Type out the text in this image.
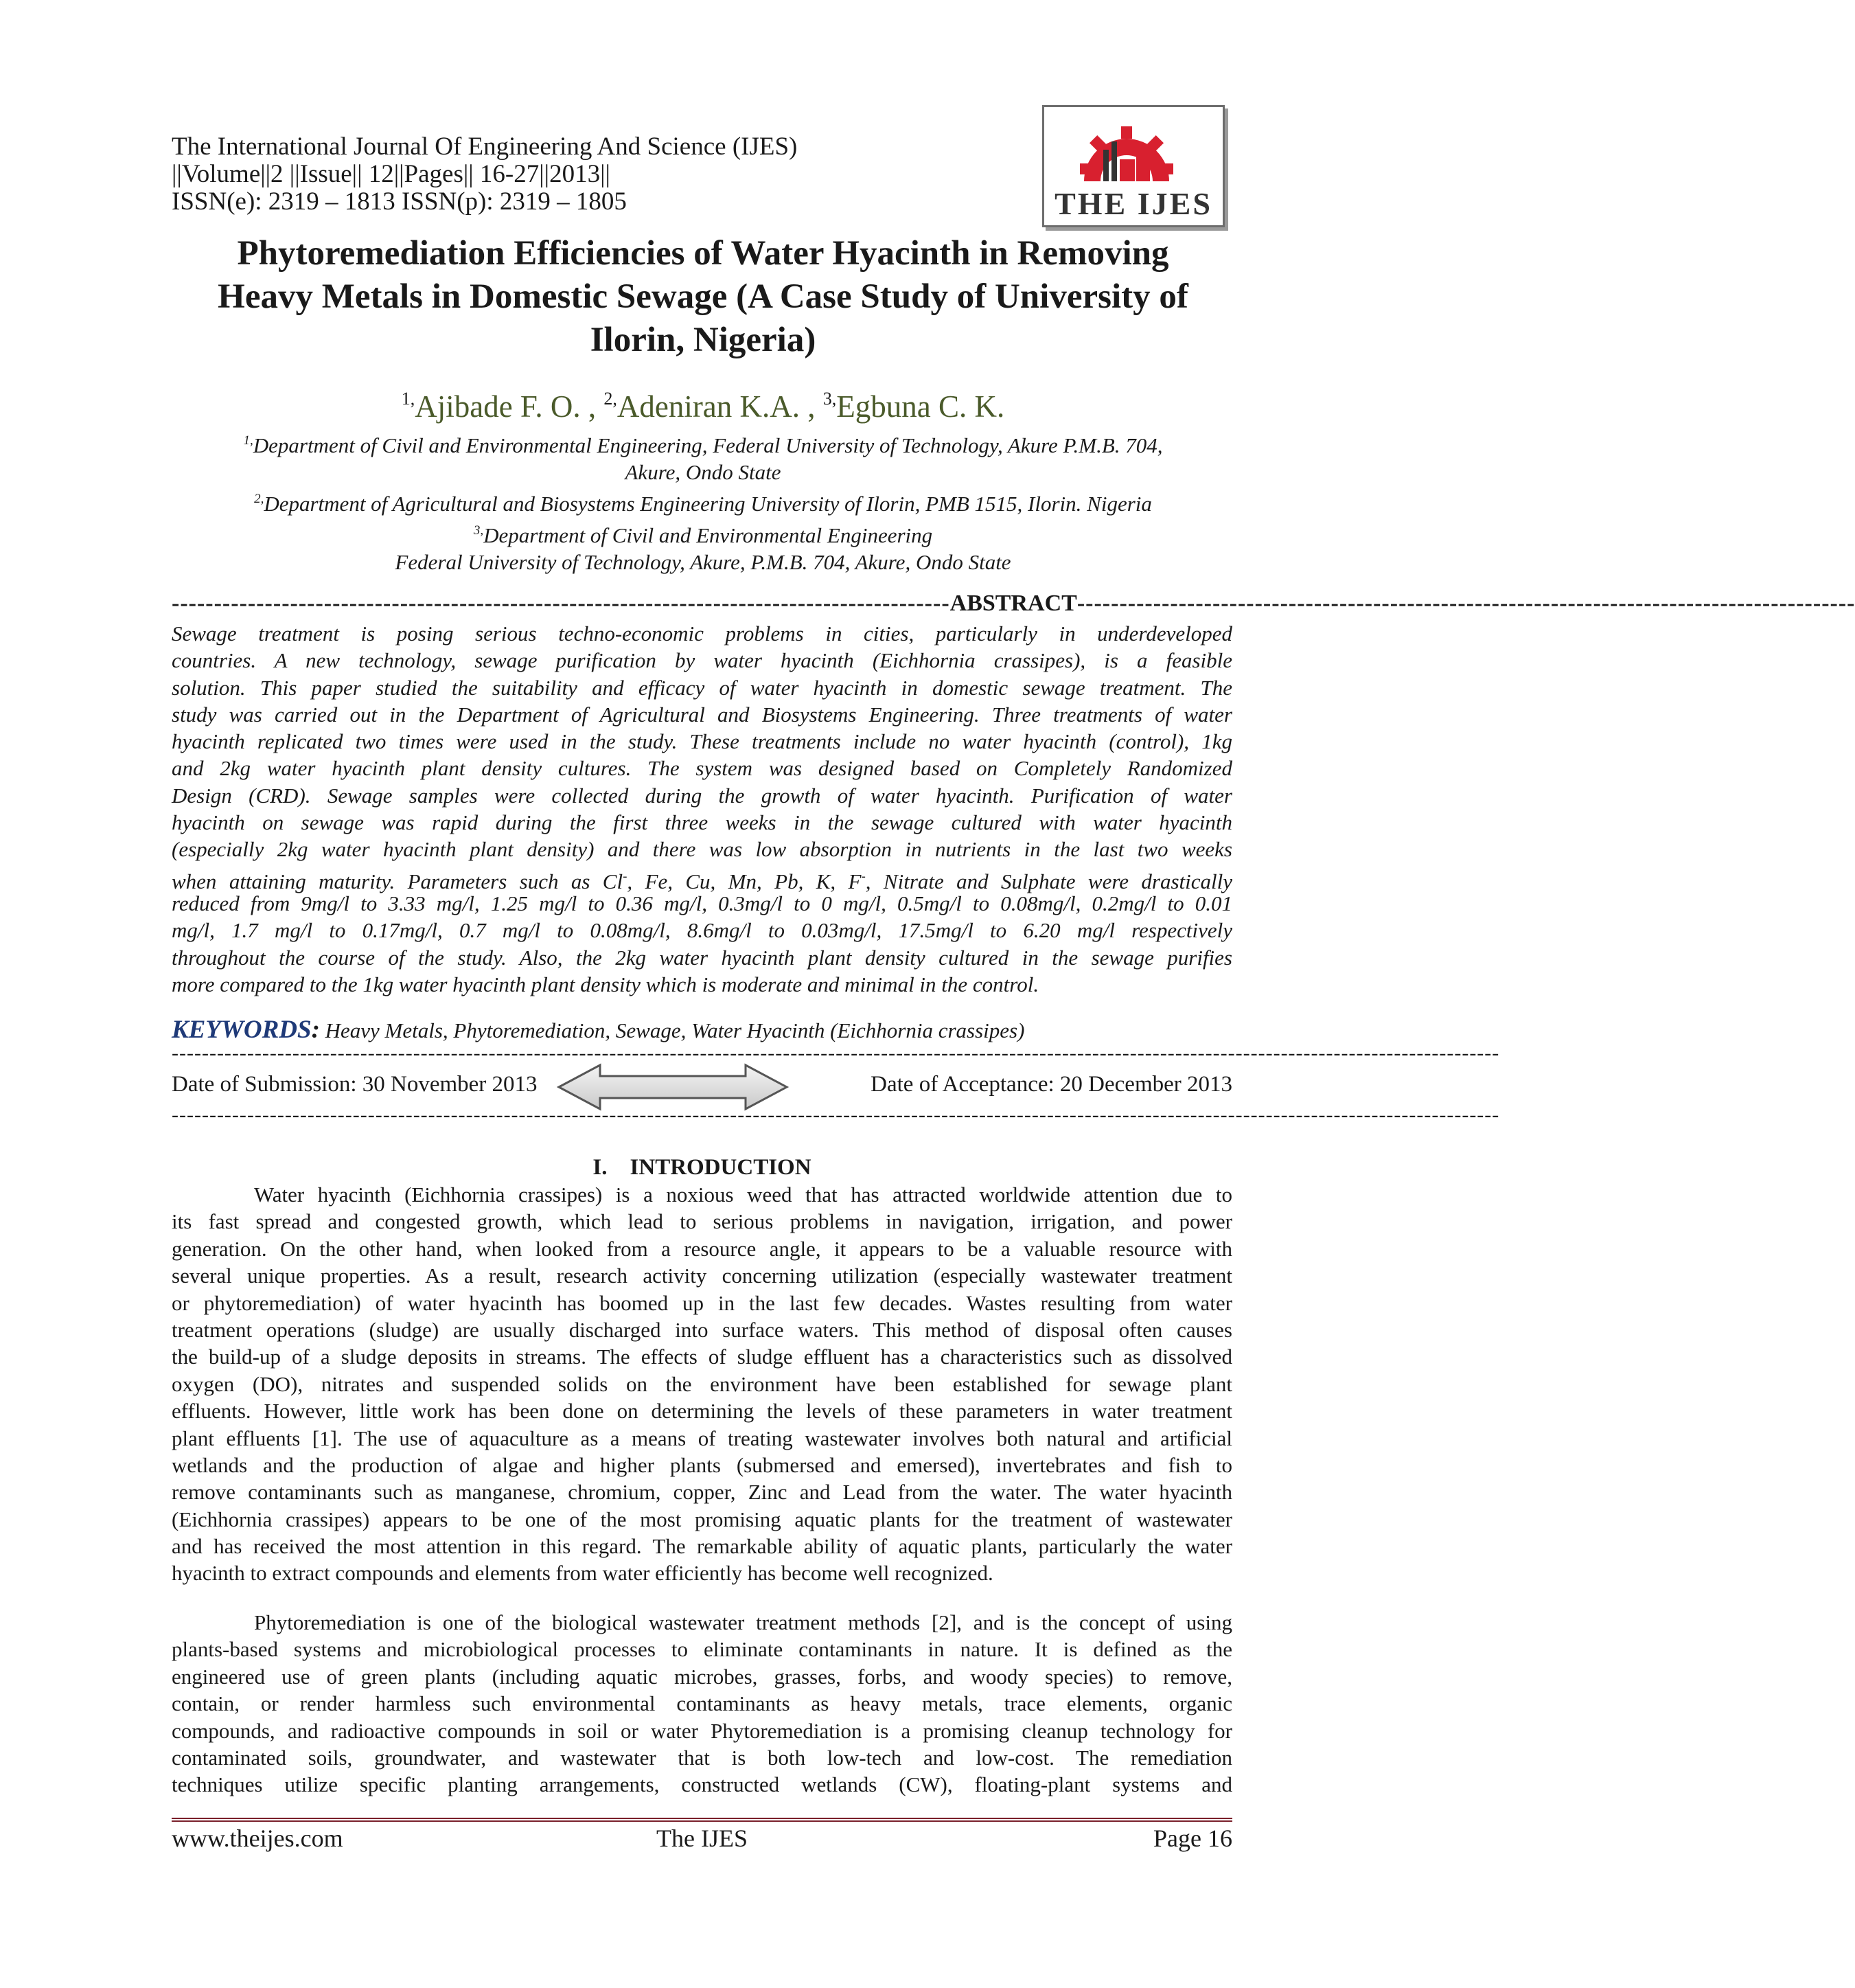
The International Journal Of Engineering And Science (IJES)
||Volume||2 ||Issue|| 12||Pages|| 16-27||2013||
ISSN(e): 2319 – 1813 ISSN(p): 2319 – 1805	THE IJES
Phytoremediation Efficiencies of Water Hyacinth in Removing
Heavy Metals in Domestic Sewage (A Case Study of University of
Ilorin, Nigeria)
$^{1,}$Ajibade F. O. , $^{2,}$Adeniran K.A. , $^{3,}$Egbuna C. K.
$^{1,}$Department of Civil and Environmental Engineering, Federal University of Technology, Akure P.M.B. 704,
Akure, Ondo State
$^{2,}$Department of Agricultural and Biosystems Engineering University of Ilorin, PMB 1515, Ilorin. Nigeria
$^{3,}$Department of Civil and Environmental Engineering
Federal University of Technology, Akure, P.M.B. 704, Akure, Ondo State
-------------------------------------------------------------------------------------------- ABSTRACT --------------------------------------------------------------------------------------------
Sewage treatment is posing serious techno-economic problems in cities, particularly in underdeveloped
countries. A new technology, sewage purification by water hyacinth (Eichhornia crassipes), is a feasible
solution. This paper studied the suitability and efficacy of water hyacinth in domestic sewage treatment. The
study was carried out in the Department of Agricultural and Biosystems Engineering. Three treatments of water
hyacinth replicated two times were used in the study. These treatments include no water hyacinth (control), 1kg
and 2kg water hyacinth plant density cultures. The system was designed based on Completely Randomized
Design (CRD). Sewage samples were collected during the growth of water hyacinth. Purification of water
hyacinth on sewage was rapid during the first three weeks in the sewage cultured with water hyacinth
(especially 2kg water hyacinth plant density) and there was low absorption in nutrients in the last two weeks
when attaining maturity. Parameters such as Cl-, Fe, Cu, Mn, Pb, K, F-, Nitrate and Sulphate were drastically
reduced from 9mg/l to 3.33 mg/l, 1.25 mg/l to 0.36 mg/l, 0.3mg/l to 0 mg/l, 0.5mg/l to 0.08mg/l, 0.2mg/l to 0.01
mg/l, 1.7 mg/l to 0.17mg/l, 0.7 mg/l to 0.08mg/l, 8.6mg/l to 0.03mg/l, 17.5mg/l to 6.20 mg/l respectively
throughout the course of the study. Also, the 2kg water hyacinth plant density cultured in the sewage purifies
more compared to the 1kg water hyacinth plant density which is moderate and minimal in the control.
KEYWORDS: Heavy Metals, Phytoremediation, Sewage, Water Hyacinth (Eichhornia crassipes)
--------------------------------------------------------------------------------------------------------------------------------------------------------------------------------
Date of Submission: 30 November 2013	Date of Acceptance: 20 December 2013
--------------------------------------------------------------------------------------------------------------------------------------------------------------------------------
I. INTRODUCTION
Water hyacinth (Eichhornia crassipes) is a noxious weed that has attracted worldwide attention due to
its fast spread and congested growth, which lead to serious problems in navigation, irrigation, and power
generation. On the other hand, when looked from a resource angle, it appears to be a valuable resource with
several unique properties. As a result, research activity concerning utilization (especially wastewater treatment
or phytoremediation) of water hyacinth has boomed up in the last few decades. Wastes resulting from water
treatment operations (sludge) are usually discharged into surface waters. This method of disposal often causes
the build-up of a sludge deposits in streams. The effects of sludge effluent has a characteristics such as dissolved
oxygen (DO), nitrates and suspended solids on the environment have been established for sewage plant
effluents. However, little work has been done on determining the levels of these parameters in water treatment
plant effluents [1]. The use of aquaculture as a means of treating wastewater involves both natural and artificial
wetlands and the production of algae and higher plants (submersed and emersed), invertebrates and fish to
remove contaminants such as manganese, chromium, copper, Zinc and Lead from the water. The water hyacinth
(Eichhornia crassipes) appears to be one of the most promising aquatic plants for the treatment of wastewater
and has received the most attention in this regard. The remarkable ability of aquatic plants, particularly the water
hyacinth to extract compounds and elements from water efficiently has become well recognized.
Phytoremediation is one of the biological wastewater treatment methods [2], and is the concept of using
plants-based systems and microbiological processes to eliminate contaminants in nature. It is defined as the
engineered use of green plants (including aquatic microbes, grasses, forbs, and woody species) to remove,
contain, or render harmless such environmental contaminants as heavy metals, trace elements, organic
compounds, and radioactive compounds in soil or water Phytoremediation is a promising cleanup technology for
contaminated soils, groundwater, and wastewater that is both low-tech and low-cost. The remediation
techniques utilize specific planting arrangements, constructed wetlands (CW), floating-plant systems and
www.theijes.com	The IJES	Page 16
